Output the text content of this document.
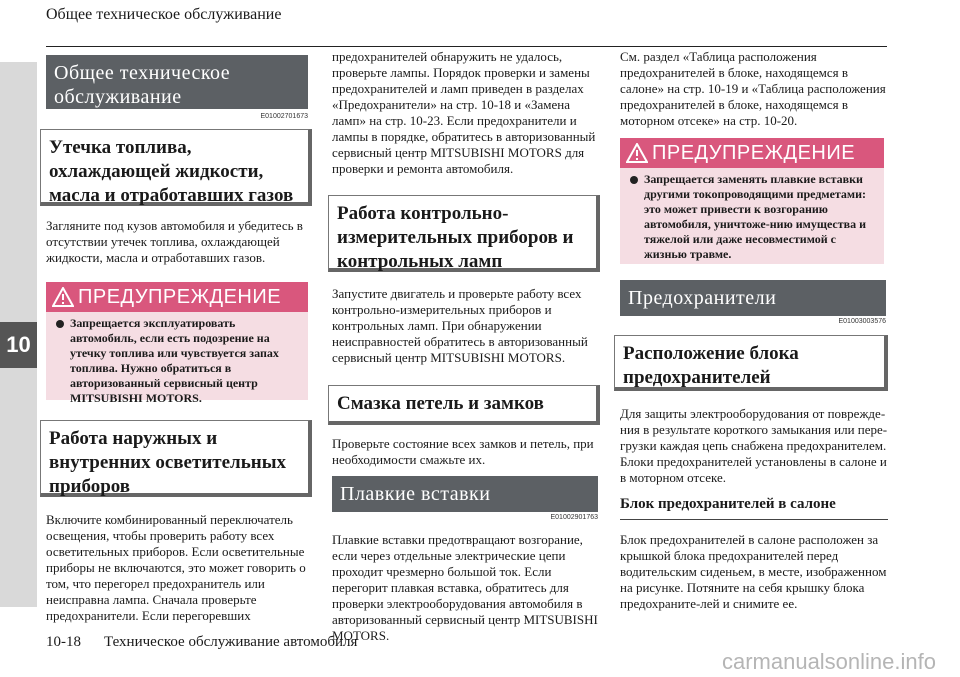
Общее техническое обслуживание
10
Общее техническое обслуживание
E01002701673
Утечка топлива, охлаждающей жидкости, масла и отработавших газов
Загляните под кузов автомобиля и убедитесь в отсутствии утечек топлива, охлаждающей жидкости, масла и отработавших газов.
ПРЕДУПРЕЖДЕНИЕ
Запрещается эксплуатировать автомобиль, если есть подозрение на утечку топлива или чувствуется запах топлива. Нужно обратиться в авторизованный сервисный центр MITSUBISHI MOTORS.
Работа наружных и внутренних осветительных приборов
Включите комбинированный переключатель освещения, чтобы проверить работу всех осветительных приборов. Если осветительные приборы не включаются, это может говорить о том, что перегорел предохранитель или неисправна лампа. Сначала проверьте предохранители. Если перегоревших
предохранителей обнаружить не удалось, проверьте лампы. Порядок проверки и замены предохранителей и ламп приведен в разделах «Предохранители» на стр. 10-18 и «Замена ламп» на стр. 10-23. Если предохранители и лампы в порядке, обратитесь в авторизованный сервисный центр MITSUBISHI MOTORS для проверки и ремонта автомобиля.
Работа контрольно-измерительных приборов и контрольных ламп
Запустите двигатель и проверьте работу всех контрольно-измерительных приборов и контрольных ламп. При обнаружении неисправностей обратитесь в авторизованный сервисный центр MITSUBISHI MOTORS.
Смазка петель и замков
Проверьте состояние всех замков и петель, при необходимости смажьте их.
Плавкие вставки
E01002901763
Плавкие вставки предотвращают возгорание, если через отдельные электрические цепи проходит чрезмерно большой ток. Если перегорит плавкая вставка, обратитесь для проверки электрооборудования автомобиля в авторизованный сервисный центр MITSUBISHI MOTORS.
См. раздел «Таблица расположения предохранителей в блоке, находящемся в салоне» на стр. 10-19 и «Таблица расположения предохранителей в блоке, находящемся в моторном отсеке» на стр. 10-20.
ПРЕДУПРЕЖДЕНИЕ
Запрещается заменять плавкие вставки другими токопроводящими предметами: это может привести к возгоранию автомобиля, уничтоже-нию имущества и тяжелой или даже несовместимой с жизнью травме.
Предохранители
E01003003576
Расположение блока предохранителей
Для защиты электрооборудования от поврежде-ния в результате короткого замыкания или пере-грузки каждая цепь снабжена предохранителем. Блоки предохранителей установлены в салоне и в моторном отсеке.
Блок предохранителей в салоне
Блок предохранителей в салоне расположен за крышкой блока предохранителей перед водительским сиденьем, в месте, изображенном на рисунке. Потяните на себя крышку блока предохраните-лей и снимите ее.
10-18 Техническое обслуживание автомобиля
carmanualsonline.info
